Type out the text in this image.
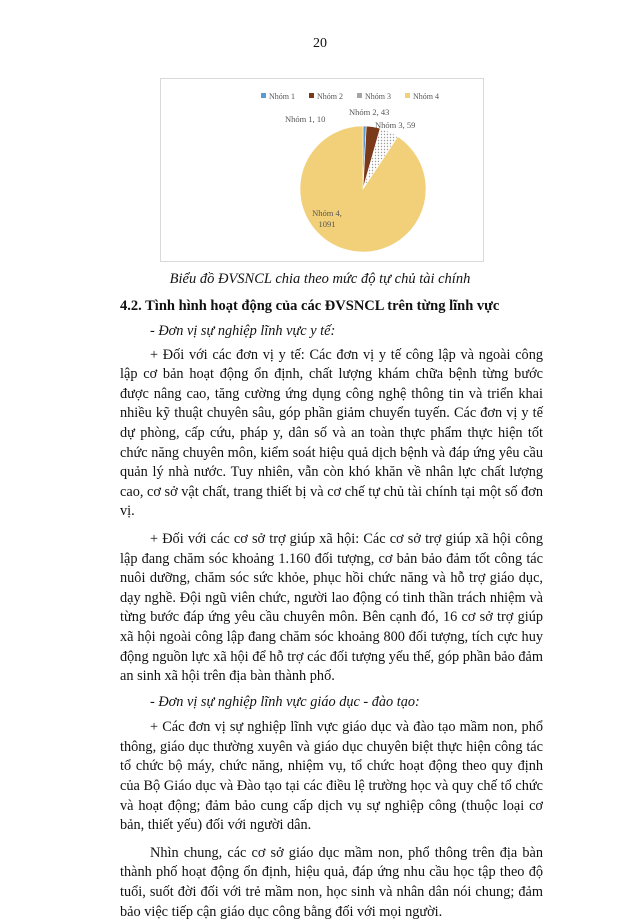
20
Nhóm 1	Nhóm 2	Nhóm 3	Nhóm 4
Nhóm 1, 10
Nhóm 2, 43
Nhóm 3, 59
Nhóm 4, 1091
Biểu đồ ĐVSNCL chia theo mức độ tự chủ tài chính
4.2. Tình hình hoạt động của các ĐVSNCL trên từng lĩnh vực

- Đơn vị sự nghiệp lĩnh vực y tế:

+ Đối với các đơn vị y tế: Các đơn vị y tế công lập và ngoài công lập cơ bản hoạt động ổn định, chất lượng khám chữa bệnh từng bước được nâng cao, tăng cường ứng dụng công nghệ thông tin và triển khai nhiều kỹ thuật chuyên sâu, góp phần giảm chuyển tuyến. Các đơn vị y tế dự phòng, cấp cứu, pháp y, dân số và an toàn thực phẩm thực hiện tốt chức năng chuyên môn, kiểm soát hiệu quả dịch bệnh và đáp ứng yêu cầu quản lý nhà nước. Tuy nhiên, vẫn còn khó khăn về nhân lực chất lượng cao, cơ sở vật chất, trang thiết bị và cơ chế tự chủ tài chính tại một số đơn vị.

+ Đối với các cơ sở trợ giúp xã hội: Các cơ sở trợ giúp xã hội công lập đang chăm sóc khoảng 1.160 đối tượng, cơ bản bảo đảm tốt công tác nuôi dưỡng, chăm sóc sức khỏe, phục hồi chức năng và hỗ trợ giáo dục, dạy nghề. Đội ngũ viên chức, người lao động có tinh thần trách nhiệm và từng bước đáp ứng yêu cầu chuyên môn. Bên cạnh đó, 16 cơ sở trợ giúp xã hội ngoài công lập đang chăm sóc khoảng 800 đối tượng, tích cực huy động nguồn lực xã hội để hỗ trợ các đối tượng yếu thế, góp phần bảo đảm an sinh xã hội trên địa bàn thành phố.

- Đơn vị sự nghiệp lĩnh vực giáo dục - đào tạo:

+ Các đơn vị sự nghiệp lĩnh vực giáo dục và đào tạo mầm non, phổ thông, giáo dục thường xuyên và giáo dục chuyên biệt thực hiện công tác tổ chức bộ máy, chức năng, nhiệm vụ, tổ chức hoạt động theo quy định của Bộ Giáo dục và Đào tạo tại các điều lệ trường học và quy chế tổ chức và hoạt động; đảm bảo cung cấp dịch vụ sự nghiệp công (thuộc loại cơ bản, thiết yếu) đối với người dân.

Nhìn chung, các cơ sở giáo dục mầm non, phổ thông trên địa bàn thành phố hoạt động ổn định, hiệu quả, đáp ứng nhu cầu học tập theo độ tuổi, suốt đời đối với trẻ mầm non, học sinh và nhân dân nói chung; đảm bảo việc tiếp cận giáo dục công bằng đối với mọi người.
